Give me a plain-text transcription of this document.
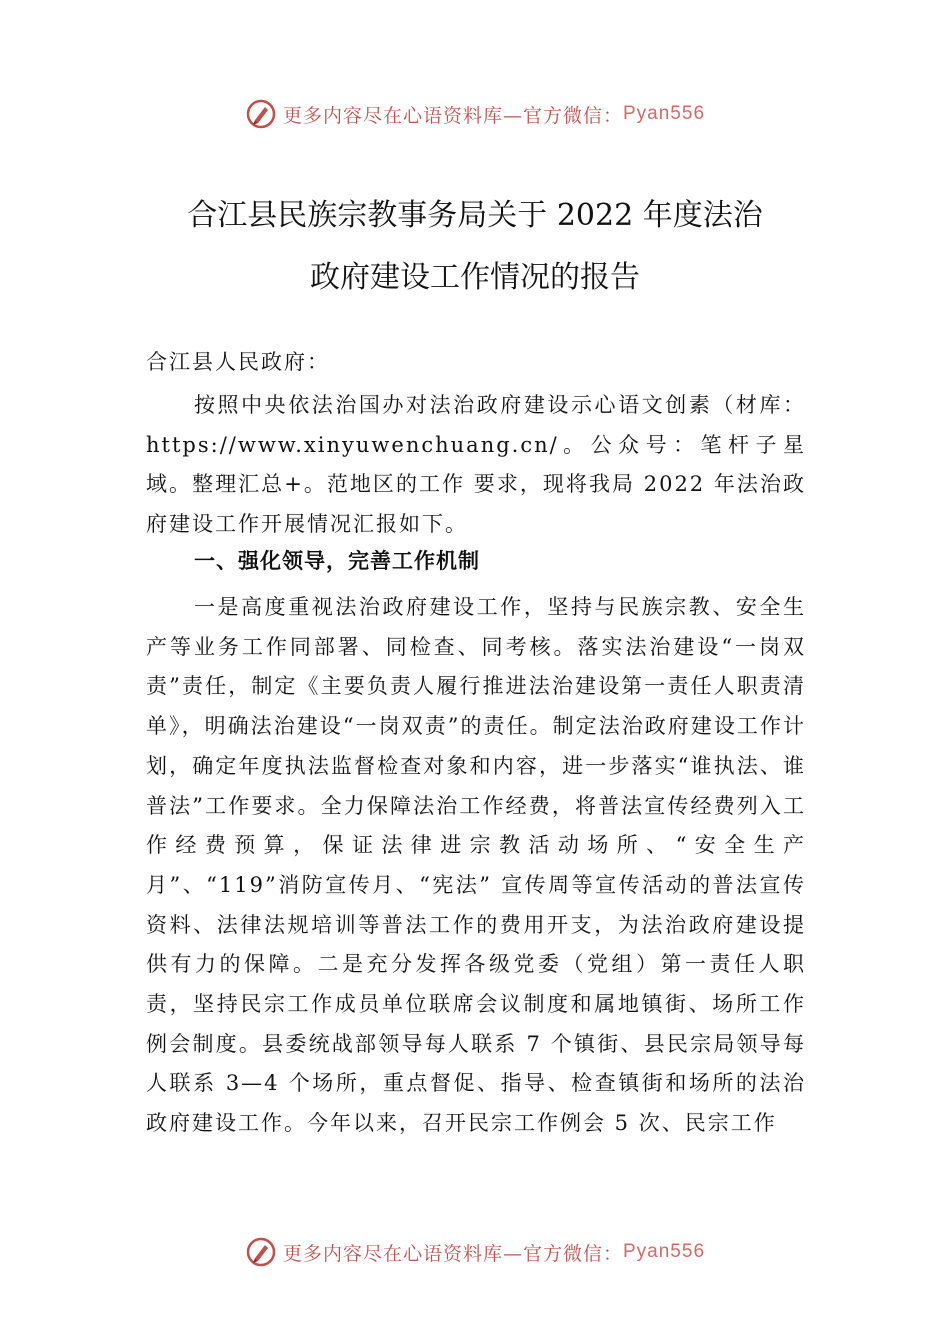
更多内容尽在心语资料库—官方微信： Pyan556
合江县民族宗教事务局关于 2022 年度法治
政府建设工作情况的报告

合江县人民政府：

按照中央依法治国办对法治政府建设示心语文创素（材库：https://www.xinyuwenchuang.cn/。公众号：笔杆子星域。整理汇总+。范地区的工作 要求，现将我局 2022 年法治政府建设工作开展情况汇报如下。

一、强化领导，完善工作机制

一是高度重视法治政府建设工作，坚持与民族宗教、安全生产等业务工作同部署、同检查、同考核。落实法治建设“一岗双责”责任，制定《主要负责人履行推进法治建设第一责任人职责清单》，明确法治建设“一岗双责”的责任。制定法治政府建设工作计划，确定年度执法监督检查对象和内容，进一步落实“谁执法、谁普法”工作要求。全力保障法治工作经费，将普法宣传经费列入工作经费预算，保证法律进宗教活动场所、“安全生产月”、“119”消防宣传月、“宪法” 宣传周等宣传活动的普法宣传资料、法律法规培训等普法工作的费用开支，为法治政府建设提供有力的保障。二是充分发挥各级党委（党组）第一责任人职责，坚持民宗工作成员单位联席会议制度和属地镇街、场所工作例会制度。县委统战部领导每人联系 7 个镇街、县民宗局领导每人联系 3—4 个场所，重点督促、指导、检查镇街和场所的法治政府建设工作。今年以来，召开民宗工作例会 5 次、民宗工作

更多内容尽在心语资料库—官方微信： Pyan556
